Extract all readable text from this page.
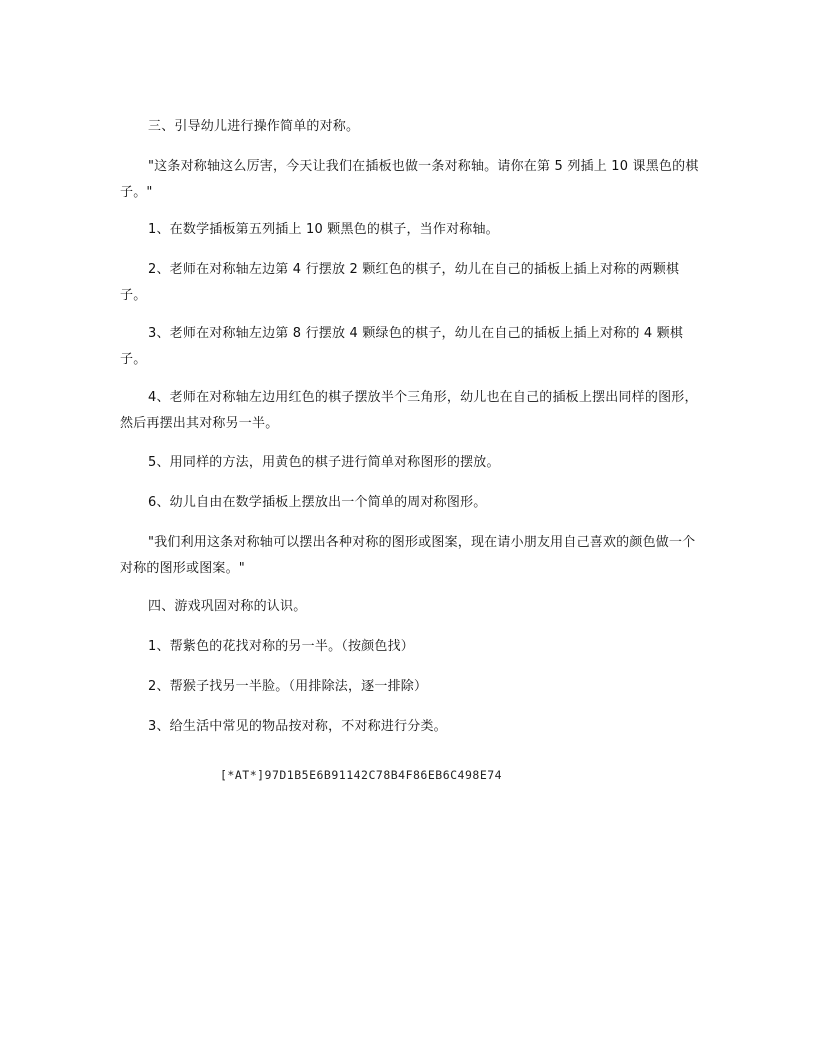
三、引导幼儿进行操作简单的对称。
"这条对称轴这么厉害，今天让我们在插板也做一条对称轴。请你在第 5 列插上 10 课黑色的棋子。"
1、在数学插板第五列插上 10 颗黑色的棋子，当作对称轴。
2、老师在对称轴左边第 4 行摆放 2 颗红色的棋子，幼儿在自己的插板上插上对称的两颗棋子。
3、老师在对称轴左边第 8 行摆放 4 颗绿色的棋子，幼儿在自己的插板上插上对称的 4 颗棋子。
4、老师在对称轴左边用红色的棋子摆放半个三角形，幼儿也在自己的插板上摆出同样的图形，然后再摆出其对称另一半。
5、用同样的方法，用黄色的棋子进行简单对称图形的摆放。
6、幼儿自由在数学插板上摆放出一个简单的周对称图形。
"我们利用这条对称轴可以摆出各种对称的图形或图案，现在请小朋友用自己喜欢的颜色做一个对称的图形或图案。"
四、游戏巩固对称的认识。
1、帮紫色的花找对称的另一半。（按颜色找）
2、帮猴子找另一半脸。（用排除法，逐一排除）
3、给生活中常见的物品按对称，不对称进行分类。
[*AT*]97D1B5E6B91142C78B4F86EB6C498E74
